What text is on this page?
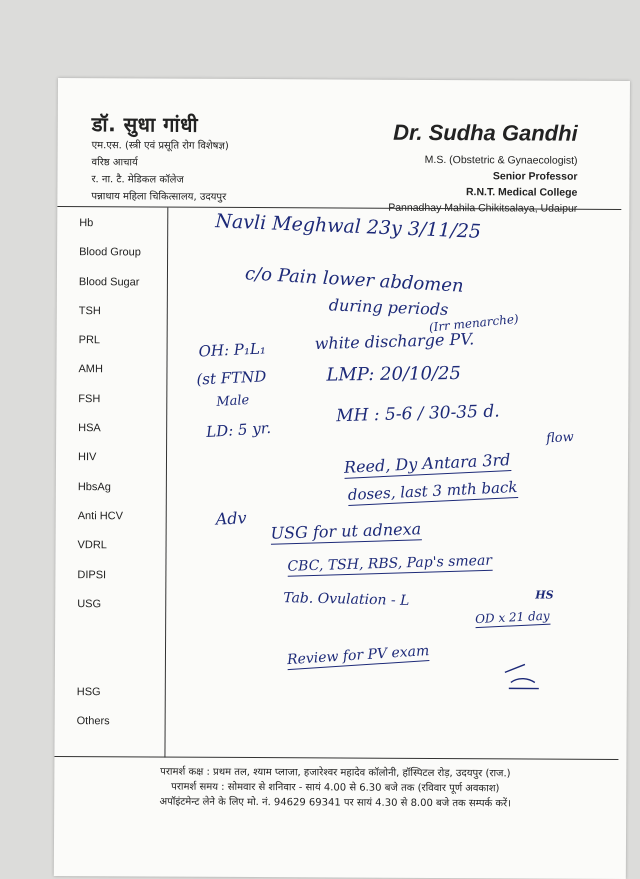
डॉ. सुधा गांधी
एम.एस. (स्त्री एवं प्रसूति रोग विशेषज्ञ)
वरिष्ठ आचार्य
र. ना. टै. मेडिकल कॉलेज
पन्नाधाय महिला चिकित्सालय, उदयपुर
Dr. Sudha Gandhi
M.S. (Obstetric & Gynaecologist)
Senior Professor
R.N.T. Medical College
Hb
Blood Group
Blood Sugar
TSH
PRL
AMH
FSH
HSA
HIV
HbsAg
Anti HCV
VDRL
DIPSI
USG
HSG
Others
OH: P₁L₁
(st FTND
Male
LD: 5 yr.
Navli Meghwal 23y 3/11/25
c/o Pain lower abdomen
during periods
white discharge PV.
(Irr menarche)
LMP: 20/10/25
MH : 5-6 / 30-35 d.
flow
Reed, Dy Antara 3rd
doses, last 3 mth back
Adv
USG for ut adnexa
CBC, TSH, RBS, Pap's smear
Tab. Ovulation - L	HS
OD x 21 day
Review for PV exam
परामर्श कक्ष : प्रथम तल, श्याम प्लाजा, हजारेश्वर महादेव कॉलोनी, हॉस्पिटल रोड़, उदयपुर (राज.)
परामर्श समय : सोमवार से शनिवार - सायं 4.00 से 6.30 बजे तक (रविवार पूर्ण अवकाश)
अपॉइंटमेन्ट लेने के लिए मो. नं. 94629 69341 पर सायं 4.30 से 8.00 बजे तक सम्पर्क करें।
